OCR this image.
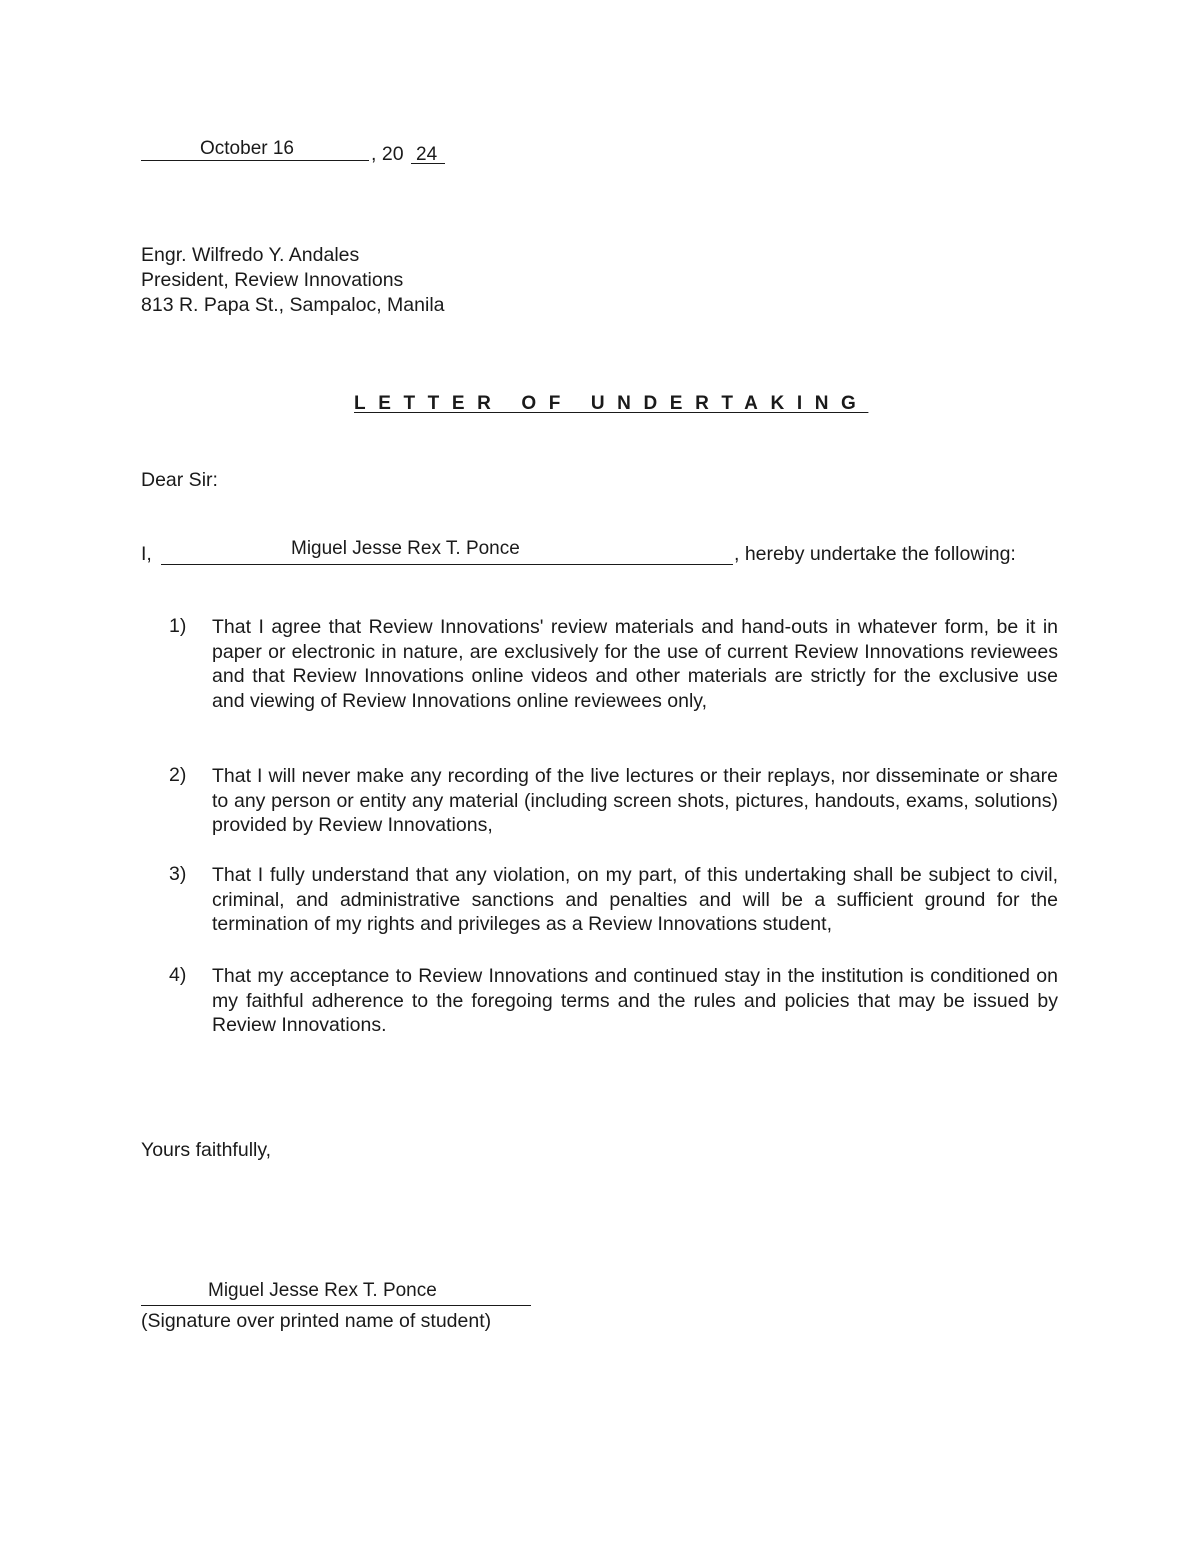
October 16	, 20 24
Engr. Wilfredo Y. Andales
President, Review Innovations
813 R. Papa St., Sampaloc, Manila
LETTER OF UNDERTAKING
Dear Sir:
I,	Miguel Jesse Rex T. Ponce	, hereby undertake the following:
1) That I agree that Review Innovations' review materials and hand-outs in whatever form, be it in paper or electronic in nature, are exclusively for the use of current Review Innovations reviewees and that Review Innovations online videos and other materials are strictly for the exclusive use and viewing of Review Innovations online reviewees only,
2) That I will never make any recording of the live lectures or their replays, nor disseminate or share to any person or entity any material (including screen shots, pictures, handouts, exams, solutions) provided by Review Innovations,
3) That I fully understand that any violation, on my part, of this undertaking shall be subject to civil, criminal, and administrative sanctions and penalties and will be a sufficient ground for the termination of my rights and privileges as a Review Innovations student,
4) That my acceptance to Review Innovations and continued stay in the institution is conditioned on my faithful adherence to the foregoing terms and the rules and policies that may be issued by Review Innovations.
Yours faithfully,
Miguel Jesse Rex T. Ponce
(Signature over printed name of student)
